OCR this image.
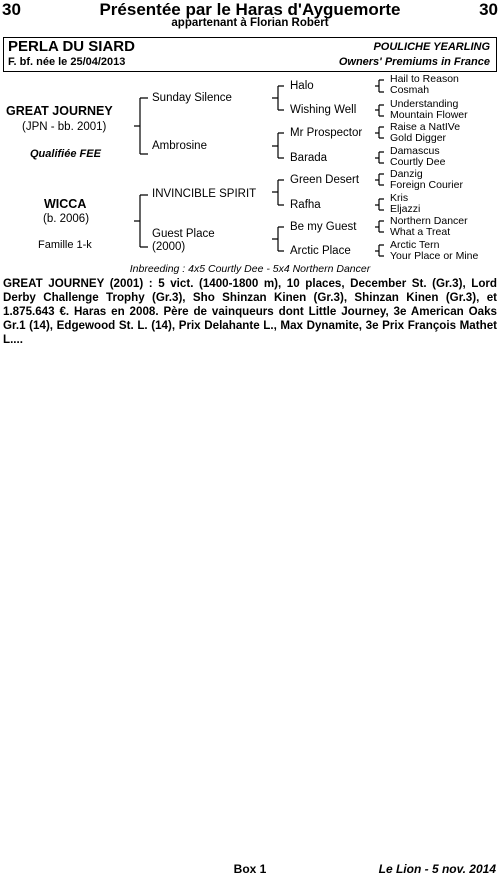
30	Présentée par le Haras d'Ayguemorte	30
appartenant à Florian Robert
PERLA DU SIARD	POULICHE YEARLING
F. bf. née le 25/04/2013	Owners' Premiums in France
GREAT JOURNEY
(JPN - bb. 2001)
Qualifiée FEE
WICCA
(b. 2006)
Famille 1-k
Sunday Silence
Ambrosine
INVINCIBLE SPIRIT
Guest Place
(2000)
Halo
Wishing Well
Mr Prospector
Barada
Green Desert
Rafha
Be my Guest
Arctic Place
Hail to Reason
Cosmah
Understanding
Mountain Flower
Raise a NatIVe
Gold Digger
Damascus
Courtly Dee
Danzig
Foreign Courier
Kris
Eljazzi
Northern Dancer
What a Treat
Arctic Tern
Your Place or Mine
Inbreeding : 4x5 Courtly Dee - 5x4 Northern Dancer

GREAT JOURNEY (2001) : 5 vict. (1400-1800 m), 10 places, December St. (Gr.3), Lord Derby Challenge Trophy (Gr.3), Sho Shinzan Kinen (Gr.3), Shinzan Kinen (Gr.3), et 1.875.643 €. Haras en 2008. Père de vainqueurs dont Little Journey, 3e American Oaks Gr.1 (14), Edgewood St. L. (14), Prix Delahante L., Max Dynamite, 3e Prix François Mathet L....

Box 1	Le Lion - 5 nov. 2014
